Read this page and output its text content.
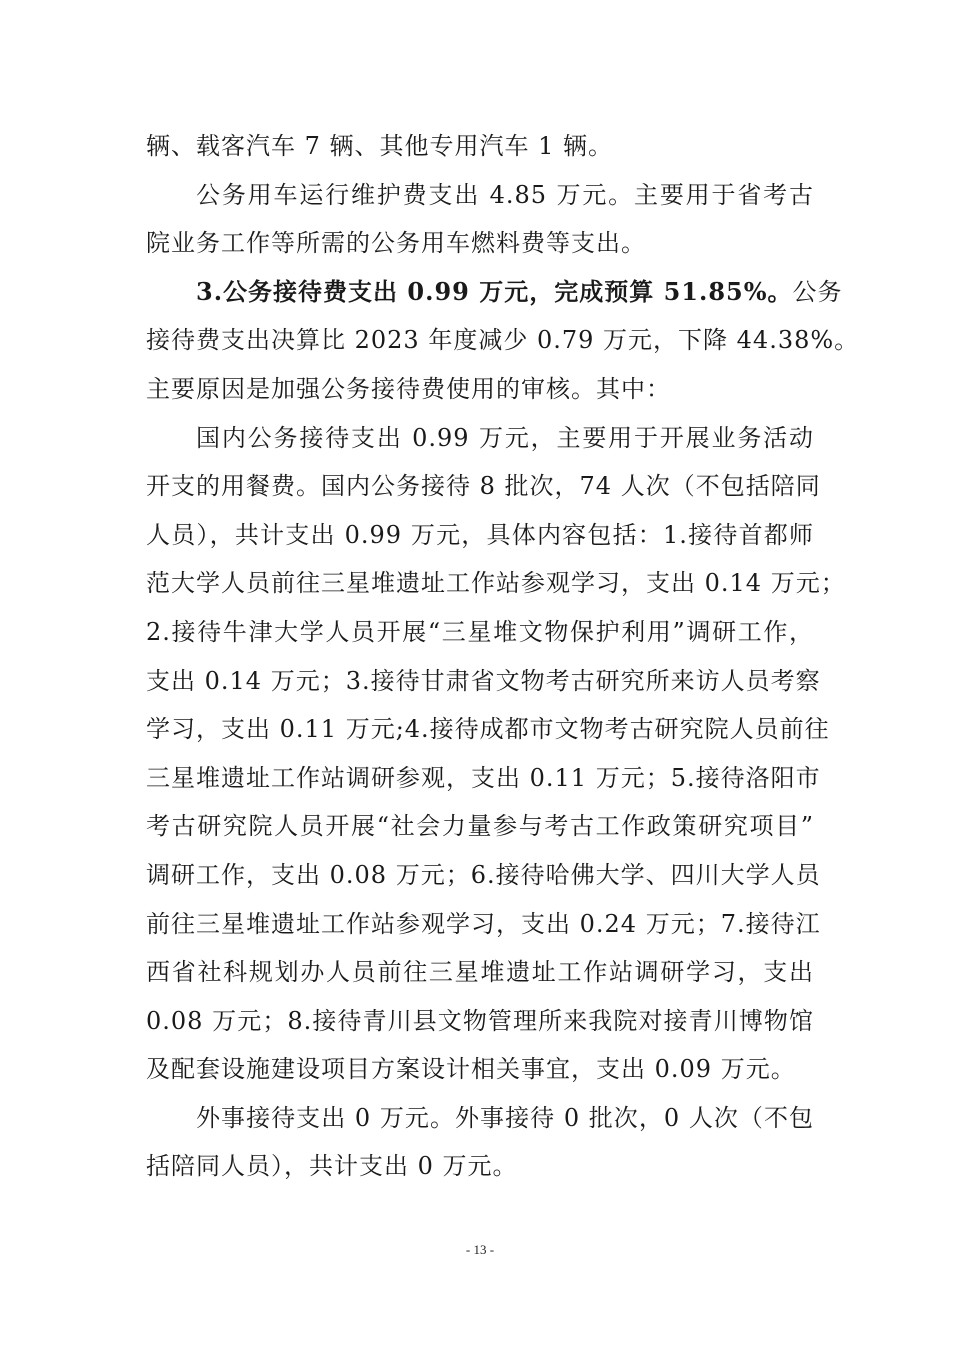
辆、载客汽车 7 辆、其他专用汽车 1 辆。
公务用车运行维护费支出 4.85 万元。主要用于省考古
院业务工作等所需的公务用车燃料费等支出。
3.公务接待费支出 0.99 万元，完成预算 51.85%。公务
接待费支出决算比 2023 年度减少 0.79 万元，下降 44.38%。
主要原因是加强公务接待费使用的审核。其中：
国内公务接待支出 0.99 万元，主要用于开展业务活动
开支的用餐费。国内公务接待 8 批次，74 人次（不包括陪同
人员），共计支出 0.99 万元，具体内容包括：1.接待首都师
范大学人员前往三星堆遗址工作站参观学习，支出 0.14 万元；
2.接待牛津大学人员开展“三星堆文物保护利用”调研工作，
支出 0.14 万元；3.接待甘肃省文物考古研究所来访人员考察
学习，支出 0.11 万元;4.接待成都市文物考古研究院人员前往
三星堆遗址工作站调研参观，支出 0.11 万元；5.接待洛阳市
考古研究院人员开展“社会力量参与考古工作政策研究项目”
调研工作，支出 0.08 万元；6.接待哈佛大学、四川大学人员
前往三星堆遗址工作站参观学习，支出 0.24 万元；7.接待江
西省社科规划办人员前往三星堆遗址工作站调研学习，支出
0.08 万元；8.接待青川县文物管理所来我院对接青川博物馆
及配套设施建设项目方案设计相关事宜，支出 0.09 万元。
外事接待支出 0 万元。外事接待 0 批次，0 人次（不包
括陪同人员），共计支出 0 万元。
- 13 -
